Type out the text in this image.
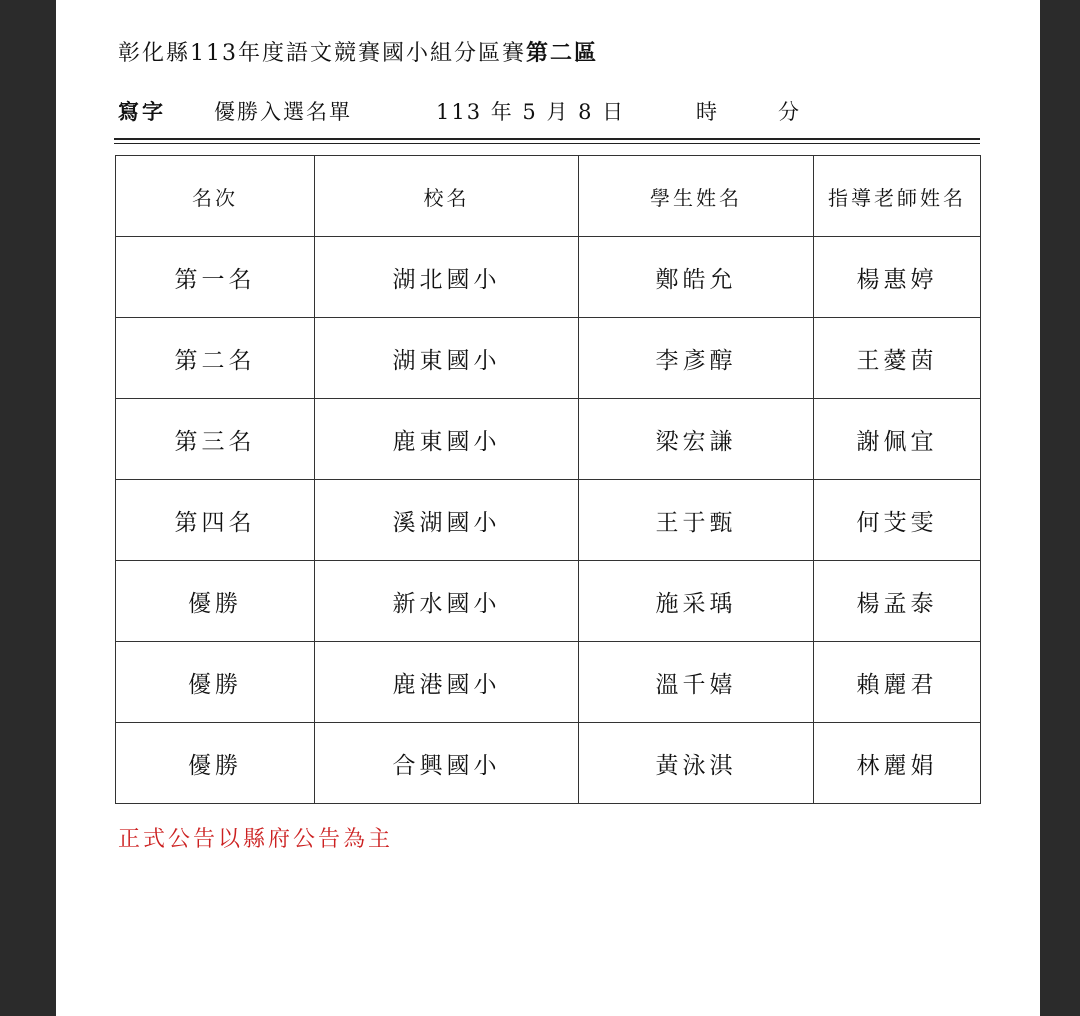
彰化縣113年度語文競賽國小組分區賽第二區
寫字 優勝入選名單	113 年 5 月 8 日	時	分
名次	校名	學生姓名	指導老師姓名
第一名	湖北國小	鄭皓允	楊惠婷
第二名	湖東國小	李彥醇	王薆茵
第三名	鹿東國小	梁宏謙	謝佩宜
第四名	溪湖國小	王于甄	何芠雯
優勝	新水國小	施采瑀	楊孟泰
優勝	鹿港國小	溫千嬉	賴麗君
優勝	合興國小	黃泳淇	林麗娟
正式公告以縣府公告為主
